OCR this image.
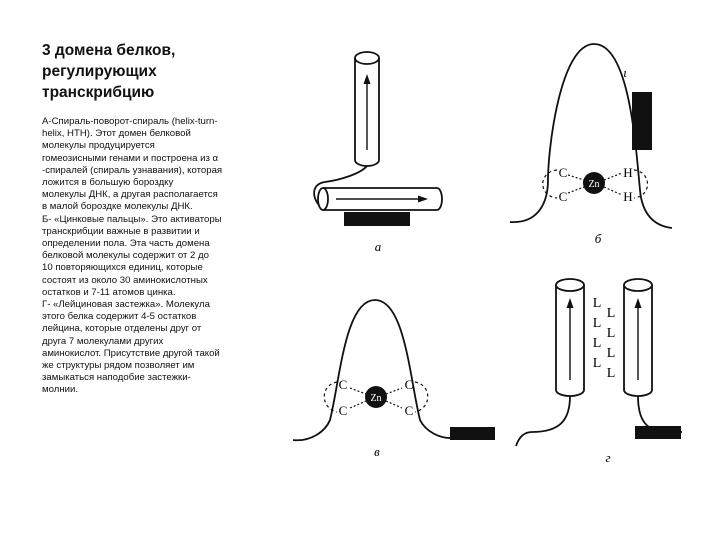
3 домена белков,
регулирующих
транскрибцию
А-Спираль-поворот-спираль (helix-turn-
helix, HTH). Этот домен белковой
молекулы продуцируется
гомеозисными генами и построена из α
-спиралей (спираль узнавания), которая
ложится в большую бороздку
молекулы ДНК, а другая располагается
в малой бороздке молекулы ДНК.
Б- «Цинковые пальцы». Это активаторы
транскрибции важные в развитии и
определении пола. Эта часть домена
белковой молекулы содержит от 2 до
10 повторяющихся единиц, которые
состоят из около 30 аминокислотных
остатков и 7-11 атомов цинка.
Г- «Лейциновая застежка». Молекула
этого белка содержит 4-5 остатков
лейцина, которые отделены друг от
друга 7 молекулами других
аминокислот. Присутствие другой такой
же структуры рядом позволяет им
замыкаться наподобие застежки-
молнии.
а
Zn
C
C
H
H
ɩ
б
Zn
C
C
C
C
в
L
L
L
L
L
L
L
L
г
